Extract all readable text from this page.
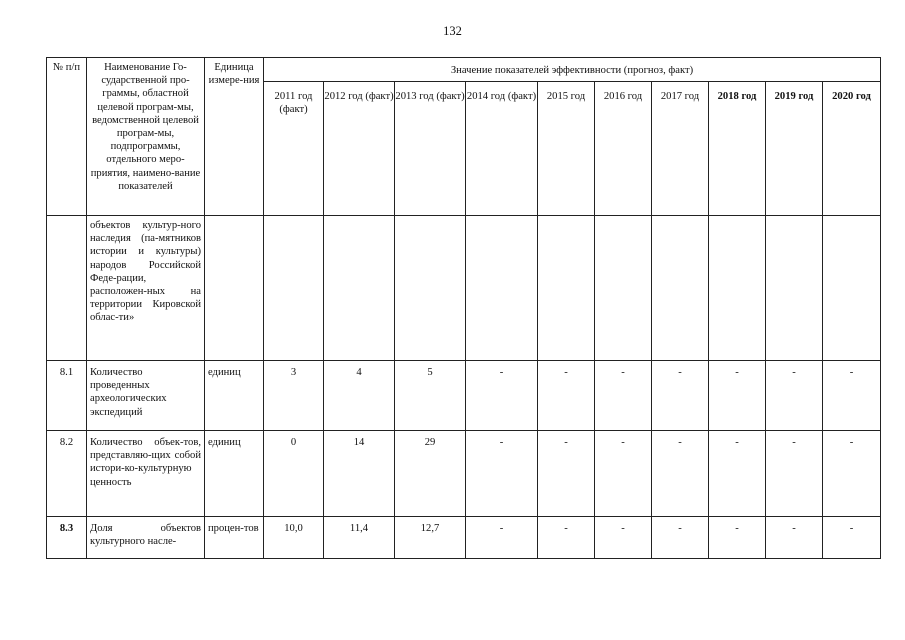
132
№ п/п	Наименование Го-сударственной про-граммы, областной целевой програм-мы, ведомственной целевой програм-мы, подпрограммы, отдельного меро-приятия, наимено-вание показателей	Единица измере-ния	Значение показателей эффективности (прогноз, факт)									
			2011 год (факт)	2012 год (факт)	2013 год (факт)	2014 год (факт)	2015 год	2016 год	2017 год	2018 год	2019 год	2020 год
	объектов культур-ного наследия (па-мятников истории и культуры) народов Российской Феде-рации, расположен-ных на территории Кировской облас-ти»											
8.1	Количество проведенных археологических экспедиций	единиц	3	4	5	-	-	-	-	-	-	-
8.2	Количество объек-тов, представляю-щих собой истори-ко-культурную ценность	единиц	0	14	29	-	-	-	-	-	-	-
8.3	Доля объектов культурного насле-	процен-тов	10,0	11,4	12,7	-	-	-	-	-	-	-
